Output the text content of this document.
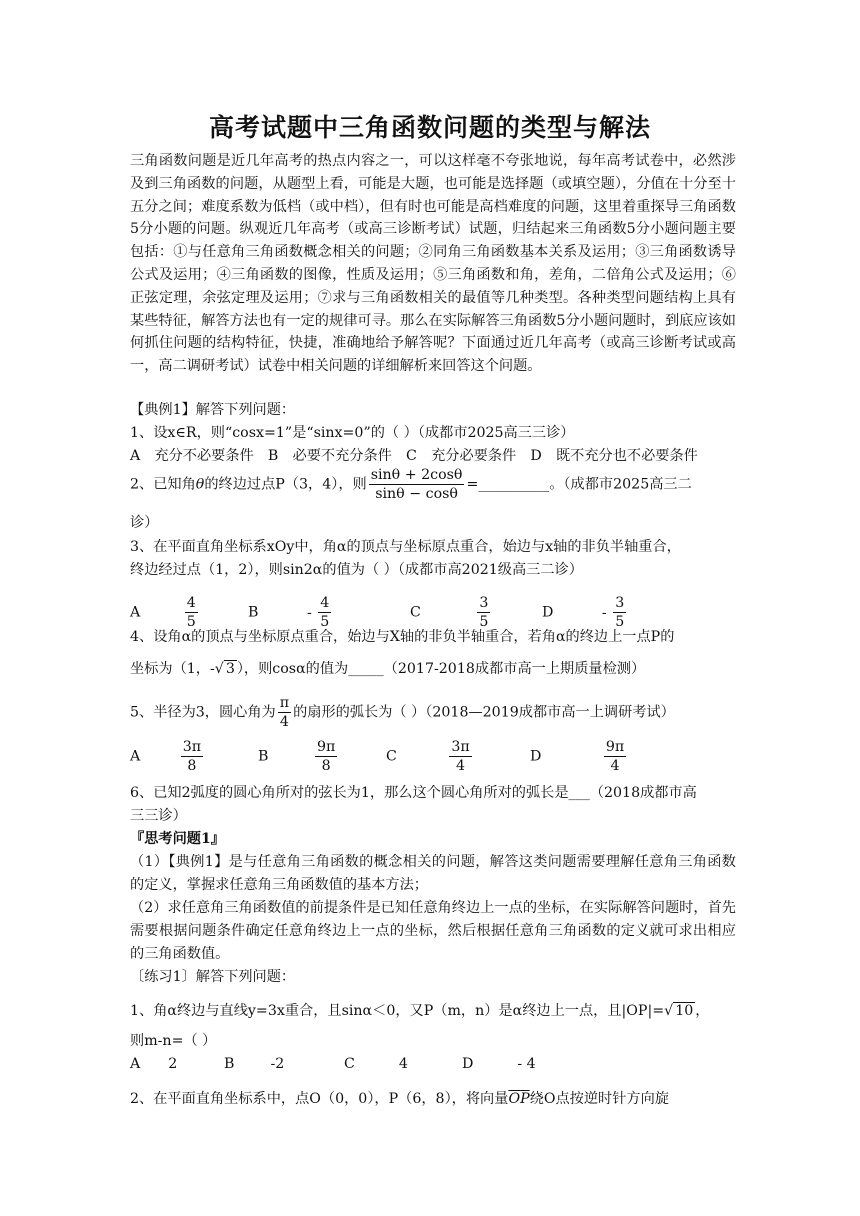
高考试题中三角函数问题的类型与解法
三角函数问题是近几年高考的热点内容之一，可以这样毫不夸张地说，每年高考试卷中，必然涉及到三角函数的问题，从题型上看，可能是大题，也可能是选择题（或填空题），分值在十分至十五分之间；难度系数为低档（或中档），但有时也可能是高档难度的问题，这里着重探导三角函数5分小题的问题。纵观近几年高考（或高三诊断考试）试题，归结起来三角函数5分小题问题主要包括：①与任意角三角函数概念相关的问题；②同角三角函数基本关系及运用；③三角函数诱导公式及运用；④三角函数的图像，性质及运用；⑤三角函数和角，差角，二倍角公式及运用；⑥正弦定理，余弦定理及运用；⑦求与三角函数相关的最值等几种类型。各种类型问题结构上具有某些特征，解答方法也有一定的规律可寻。那么在实际解答三角函数5分小题问题时，到底应该如何抓住问题的结构特征，快捷，准确地给予解答呢？下面通过近几年高考（或高三诊断考试或高一，高二调研考试）试卷中相关问题的详细解析来回答这个问题。
【典例1】解答下列问题：
1、设x∈R，则“cosx=1”是“sinx=0”的（ ）（成都市2025高三三诊）
A　充分不必要条件　B　必要不充分条件　C　充分必要条件　D　既不充分也不必要条件
2、已知角θ的终边过点P（3，4），则 $\frac{\sin\theta + 2\cos\theta}{\sin\theta - \cos\theta}$ =__________。（成都市2025高三二
诊）
3、在平面直角坐标系xOy中，角α的顶点与坐标原点重合，始边与x轴的非负半轴重合，
终边经过点（1，2），则sin2α的值为（ ）（成都市高2021级高三二诊）
A	$\frac{4}{5}$	B	- $\frac{4}{5}$	C	$\frac{3}{5}$	D	- $\frac{3}{5}$
4、设角α的顶点与坐标原点重合，始边与X轴的非负半轴重合，若角α的终边上一点P的
坐标为（1，-√ 3 ），则cosα的值为_____（2017-2018成都市高一上期质量检测）
5、半径为3，圆心角为 $\frac{\pi}{4}$ 的扇形的弧长为（ ）（2018—2019成都市高一上调研考试）
A	$\frac{3\pi}{8}$	B	$\frac{9\pi}{8}$	C	$\frac{3\pi}{4}$	D	$\frac{9\pi}{4}$
6、已知2弧度的圆心角所对的弦长为1，那么这个圆心角所对的弧长是___（2018成都市高
三三诊）
『思考问题1』
（1）【典例1】是与任意角三角函数的概念相关的问题，解答这类问题需要理解任意角三角函数的定义，掌握求任意角三角函数值的基本方法；
（2）求任意角三角函数值的前提条件是已知任意角终边上一点的坐标，在实际解答问题时，首先需要根据问题条件确定任意角终边上一点的坐标，然后根据任意角三角函数的定义就可求出相应的三角函数值。
〔练习1〕解答下列问题：
1、角α终边与直线y=3x重合，且sinα＜0，又P（m，n）是α终边上一点，且|OP|=√ 10 ，
则m-n=（ ）
A 2	B	-2	C	4	D	- 4
2、在平面直角坐标系中，点O（0，0），P（6，8），将向量$\overline{OP}$绕O点按逆时针方向旋
